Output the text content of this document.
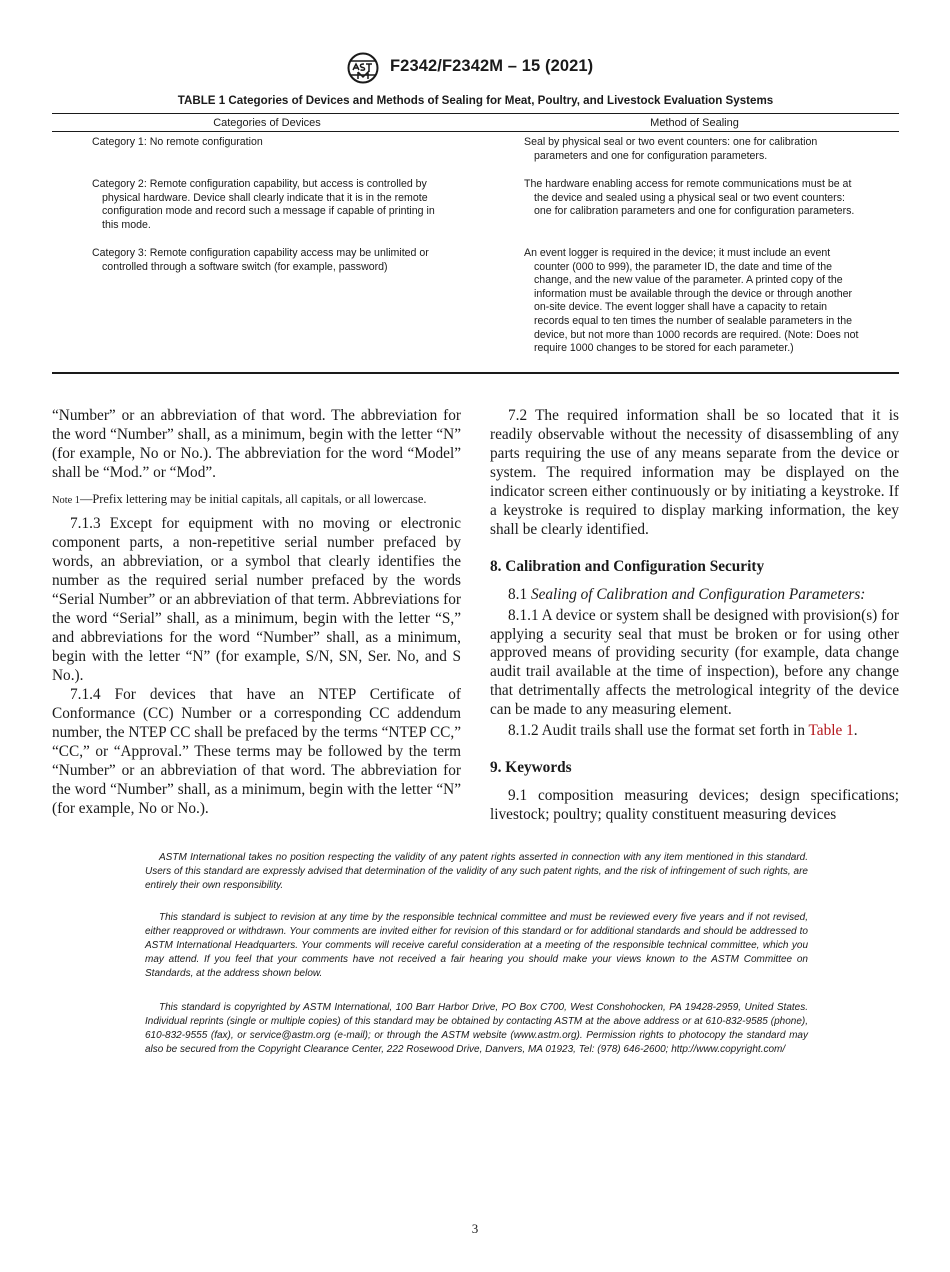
F2342/F2342M – 15 (2021)
TABLE 1 Categories of Devices and Methods of Sealing for Meat, Poultry, and Livestock Evaluation Systems
Categories of Devices	Method of Sealing

Category 1: No remote configuration	Seal by physical seal or two event counters: one for calibration parameters and one for configuration parameters.

Category 2: Remote configuration capability, but access is controlled by physical hardware. Device shall clearly indicate that it is in the remote configuration mode and record such a message if capable of printing in this mode.

The hardware enabling access for remote communications must be at the device and sealed using a physical seal or two event counters: one for calibration parameters and one for configuration parameters.

Category 3: Remote configuration capability access may be unlimited or controlled through a software switch (for example, password)

An event logger is required in the device; it must include an event counter (000 to 999), the parameter ID, the date and time of the change, and the new value of the parameter. A printed copy of the information must be available through the device or through another on-site device. The event logger shall have a capacity to retain records equal to ten times the number of sealable parameters in the device, but not more than 1000 records are required. (Note: Does not require 1000 changes to be stored for each parameter.)

“Number” or an abbreviation of that word. The abbreviation for the word “Number” shall, as a minimum, begin with the letter “N” (for example, No or No.). The abbreviation for the word “Model” shall be “Mod.” or “Mod”.

Note 1—Prefix lettering may be initial capitals, all capitals, or all lowercase.

7.1.3 Except for equipment with no moving or electronic component parts, a non-repetitive serial number prefaced by words, an abbreviation, or a symbol that clearly identifies the number as the required serial number prefaced by the words “Serial Number” or an abbreviation of that term. Abbreviations for the word “Serial” shall, as a minimum, begin with the letter “S,” and abbreviations for the word “Number” shall, as a minimum, begin with the letter “N” (for example, S/N, SN, Ser. No, and S No.).

7.1.4 For devices that have an NTEP Certificate of Conformance (CC) Number or a corresponding CC addendum number, the NTEP CC shall be prefaced by the terms “NTEP CC,” “CC,” or “Approval.” These terms may be followed by the term “Number” or an abbreviation of that word. The abbreviation for the word “Number” shall, as a minimum, begin with the letter “N” (for example, No or No.).

7.2 The required information shall be so located that it is readily observable without the necessity of disassembling of any parts requiring the use of any means separate from the device or system. The required information may be displayed on the indicator screen either continuously or by initiating a keystroke. If a keystroke is required to display marking information, the key shall be clearly identified.

8. Calibration and Configuration Security

8.1 Sealing of Calibration and Configuration Parameters:

8.1.1 A device or system shall be designed with provision(s) for applying a security seal that must be broken or for using other approved means of providing security (for example, data change audit trail available at the time of inspection), before any change that detrimentally affects the metrological integrity of the device can be made to any measuring element.

8.1.2 Audit trails shall use the format set forth in Table 1.

9. Keywords

9.1 composition measuring devices; design specifications; livestock; poultry; quality constituent measuring devices

ASTM International takes no position respecting the validity of any patent rights asserted in connection with any item mentioned in this standard. Users of this standard are expressly advised that determination of the validity of any such patent rights, and the risk of infringement of such rights, are entirely their own responsibility.

This standard is subject to revision at any time by the responsible technical committee and must be reviewed every five years and if not revised, either reapproved or withdrawn. Your comments are invited either for revision of this standard or for additional standards and should be addressed to ASTM International Headquarters. Your comments will receive careful consideration at a meeting of the responsible technical committee, which you may attend. If you feel that your comments have not received a fair hearing you should make your views known to the ASTM Committee on Standards, at the address shown below.

This standard is copyrighted by ASTM International, 100 Barr Harbor Drive, PO Box C700, West Conshohocken, PA 19428-2959, United States. Individual reprints (single or multiple copies) of this standard may be obtained by contacting ASTM at the above address or at 610-832-9585 (phone), 610-832-9555 (fax), or service@astm.org (e-mail); or through the ASTM website (www.astm.org). Permission rights to photocopy the standard may also be secured from the Copyright Clearance Center, 222 Rosewood Drive, Danvers, MA 01923, Tel: (978) 646-2600; http://www.copyright.com/

3
